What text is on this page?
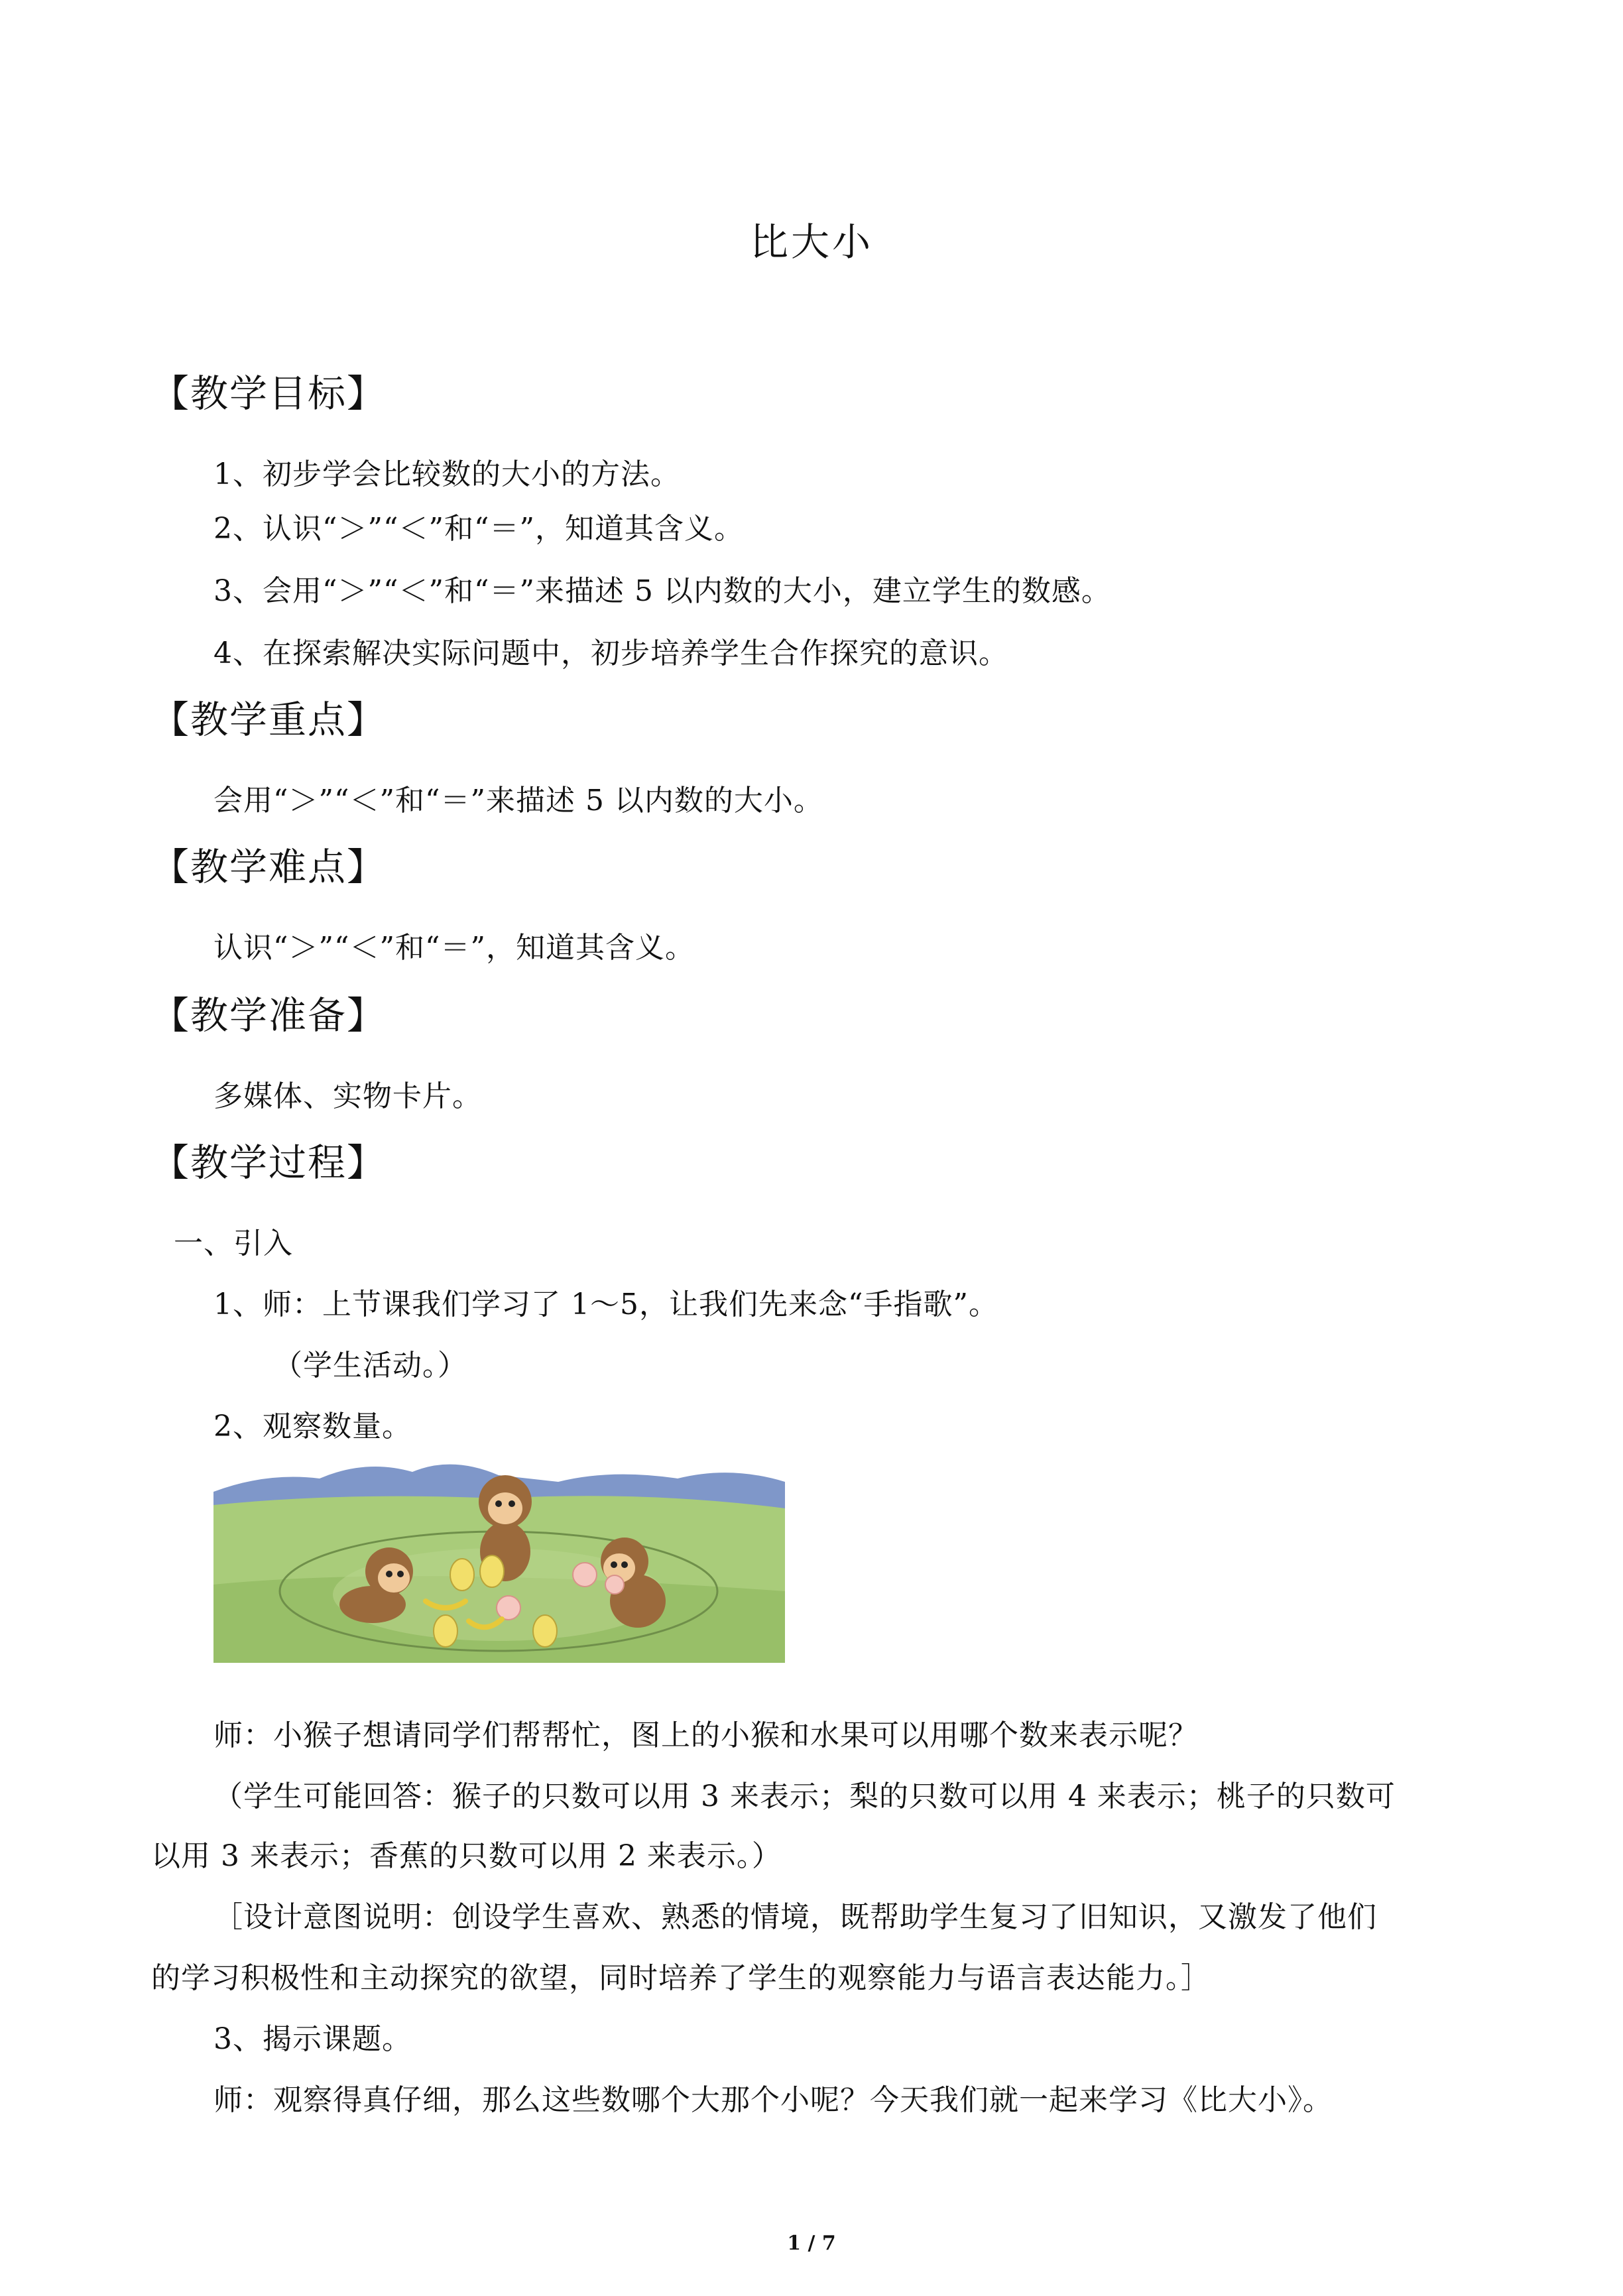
比大小
【教学目标】
1、初步学会比较数的大小的方法。
2、认识“＞”“＜”和“＝”，知道其含义。
3、会用“＞”“＜”和“＝”来描述 5 以内数的大小，建立学生的数感。
4、在探索解决实际问题中，初步培养学生合作探究的意识。
【教学重点】
会用“＞”“＜”和“＝”来描述 5 以内数的大小。
【教学难点】
认识“＞”“＜”和“＝”，知道其含义。
【教学准备】
多媒体、实物卡片。
【教学过程】
一、引入
1、师：上节课我们学习了 1～5，让我们先来念“手指歌”。
（学生活动。）
2、观察数量。
师：小猴子想请同学们帮帮忙，图上的小猴和水果可以用哪个数来表示呢？
（学生可能回答：猴子的只数可以用 3 来表示；梨的只数可以用 4 来表示；桃子的只数可
以用 3 来表示；香蕉的只数可以用 2 来表示。）
［设计意图说明：创设学生喜欢、熟悉的情境，既帮助学生复习了旧知识，又激发了他们
的学习积极性和主动探究的欲望，同时培养了学生的观察能力与语言表达能力。］
3、揭示课题。
师：观察得真仔细，那么这些数哪个大那个小呢？今天我们就一起来学习《比大小》。
1 / 7
